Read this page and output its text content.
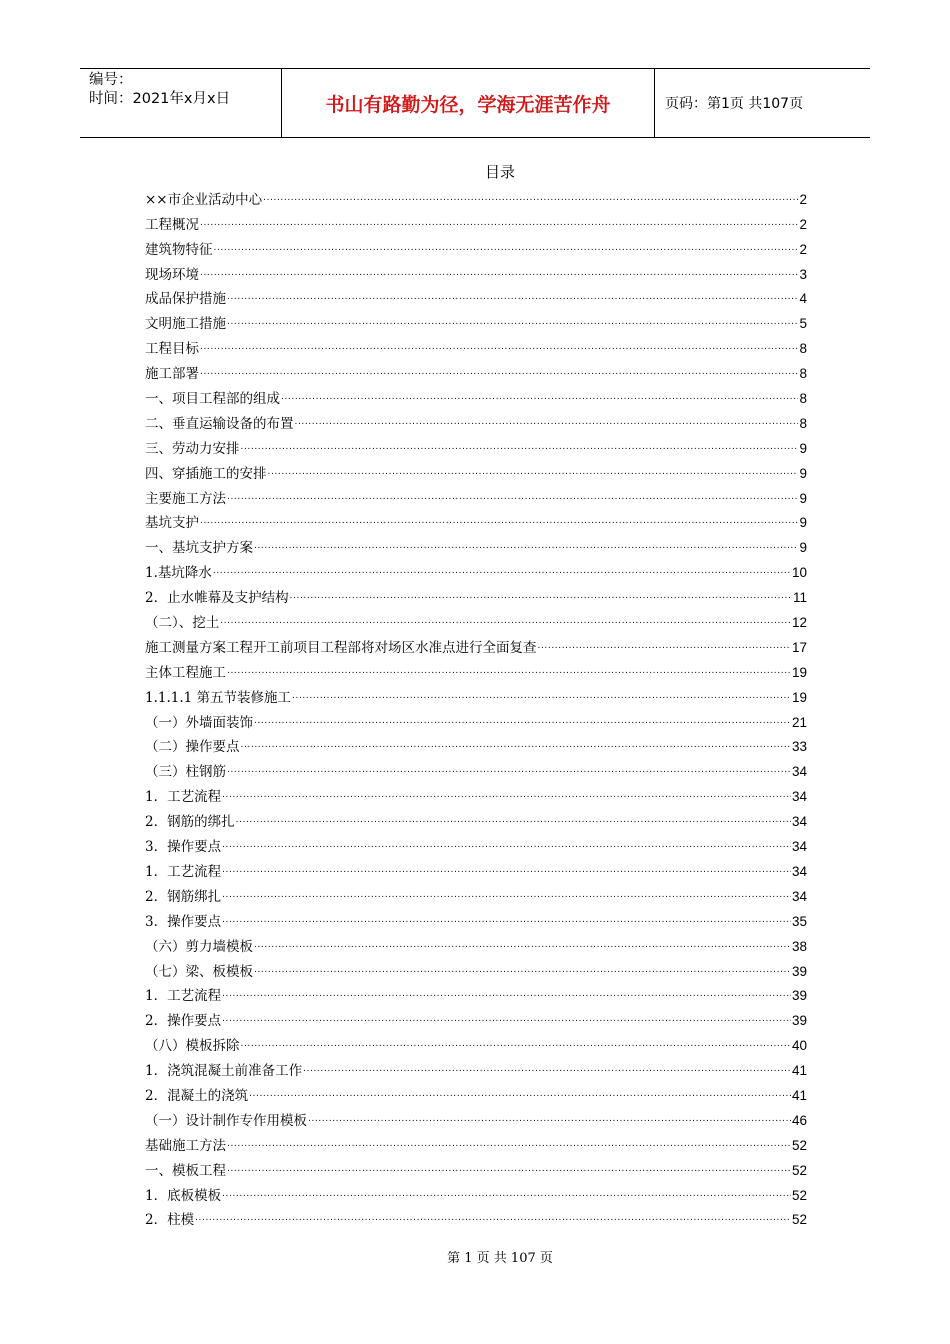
编号：
时间：2021年x月x日	书山有路勤为径，学海无涯苦作舟	页码：第1页 共107页
目录
××市企业活动中心 .....	2
工程概况 .....	2
建筑物特征 .....	2
现场环境 .....	3
成品保护措施 .....	4
文明施工措施 .....	5
工程目标 .....	8
施工部署 .....	8
一、项目工程部的组成 .....	8
二、垂直运输设备的布置 .....	8
三、劳动力安排 .....	9
四、穿插施工的安排 .....	9
主要施工方法 .....	9
基坑支护 .....	9
一、基坑支护方案 .....	9
1.基坑降水 .....	10
2．止水帷幕及支护结构 .....	11
（二）、挖土 .....	12
施工测量方案工程开工前项目工程部将对场区水准点进行全面复查 .....	17
主体工程施工 .....	19
1.1.1.1 第五节装修施工 .....	19
（一）外墙面装饰 .....	21
（二）操作要点 .....	33
（三）柱钢筋 .....	34
1．工艺流程 .....	34
2．钢筋的绑扎 .....	34
3．操作要点 .....	34
1．工艺流程 .....	34
2．钢筋绑扎 .....	34
3．操作要点 .....	35
（六）剪力墙模板 .....	38
（七）梁、板模板 .....	39
1．工艺流程 .....	39
2．操作要点 .....	39
（八）模板拆除 .....	40
1．浇筑混凝土前准备工作 .....	41
2．混凝土的浇筑 .....	41
（一）设计制作专作用模板 .....	46
基础施工方法 .....	52
一、模板工程 .....	52
1．底板模板 .....	52
2．柱模 .....	52
第 1 页 共 107 页
